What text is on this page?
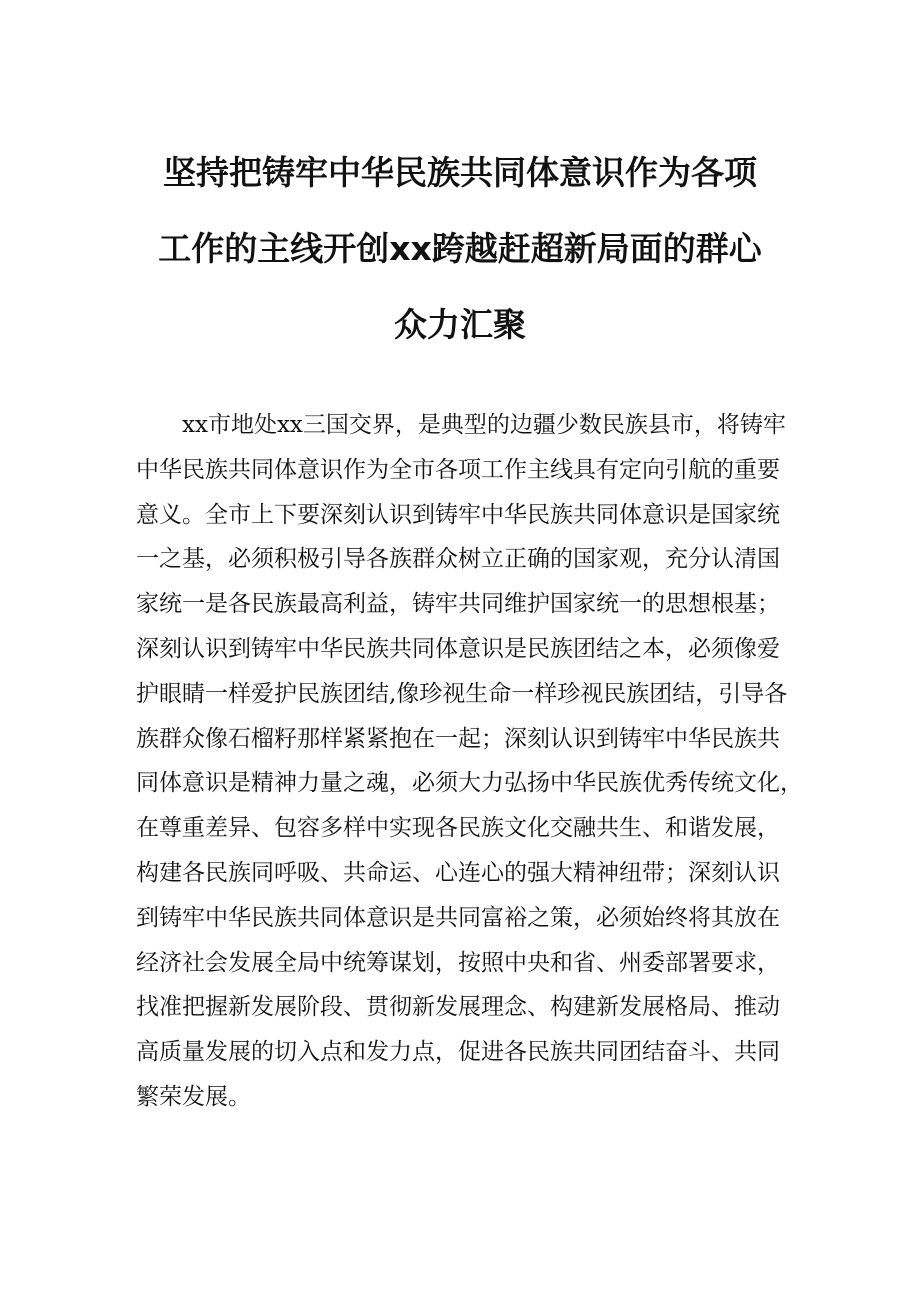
坚持把铸牢中华民族共同体意识作为各项
工作的主线开创xx跨越赶超新局面的群心
众力汇聚
xx市地处xx三国交界，是典型的边疆少数民族县市，将铸牢
中华民族共同体意识作为全市各项工作主线具有定向引航的重要
意义。全市上下要深刻认识到铸牢中华民族共同体意识是国家统
一之基，必须积极引导各族群众树立正确的国家观，充分认清国
家统一是各民族最高利益，铸牢共同维护国家统一的思想根基；
深刻认识到铸牢中华民族共同体意识是民族团结之本，必须像爱
护眼睛一样爱护民族团结,像珍视生命一样珍视民族团结，引导各
族群众像石榴籽那样紧紧抱在一起；深刻认识到铸牢中华民族共
同体意识是精神力量之魂，必须大力弘扬中华民族优秀传统文化，
在尊重差异、包容多样中实现各民族文化交融共生、和谐发展，
构建各民族同呼吸、共命运、心连心的强大精神纽带；深刻认识
到铸牢中华民族共同体意识是共同富裕之策，必须始终将其放在
经济社会发展全局中统筹谋划，按照中央和省、州委部署要求，
找准把握新发展阶段、贯彻新发展理念、构建新发展格局、推动
高质量发展的切入点和发力点，促进各民族共同团结奋斗、共同
繁荣发展。
